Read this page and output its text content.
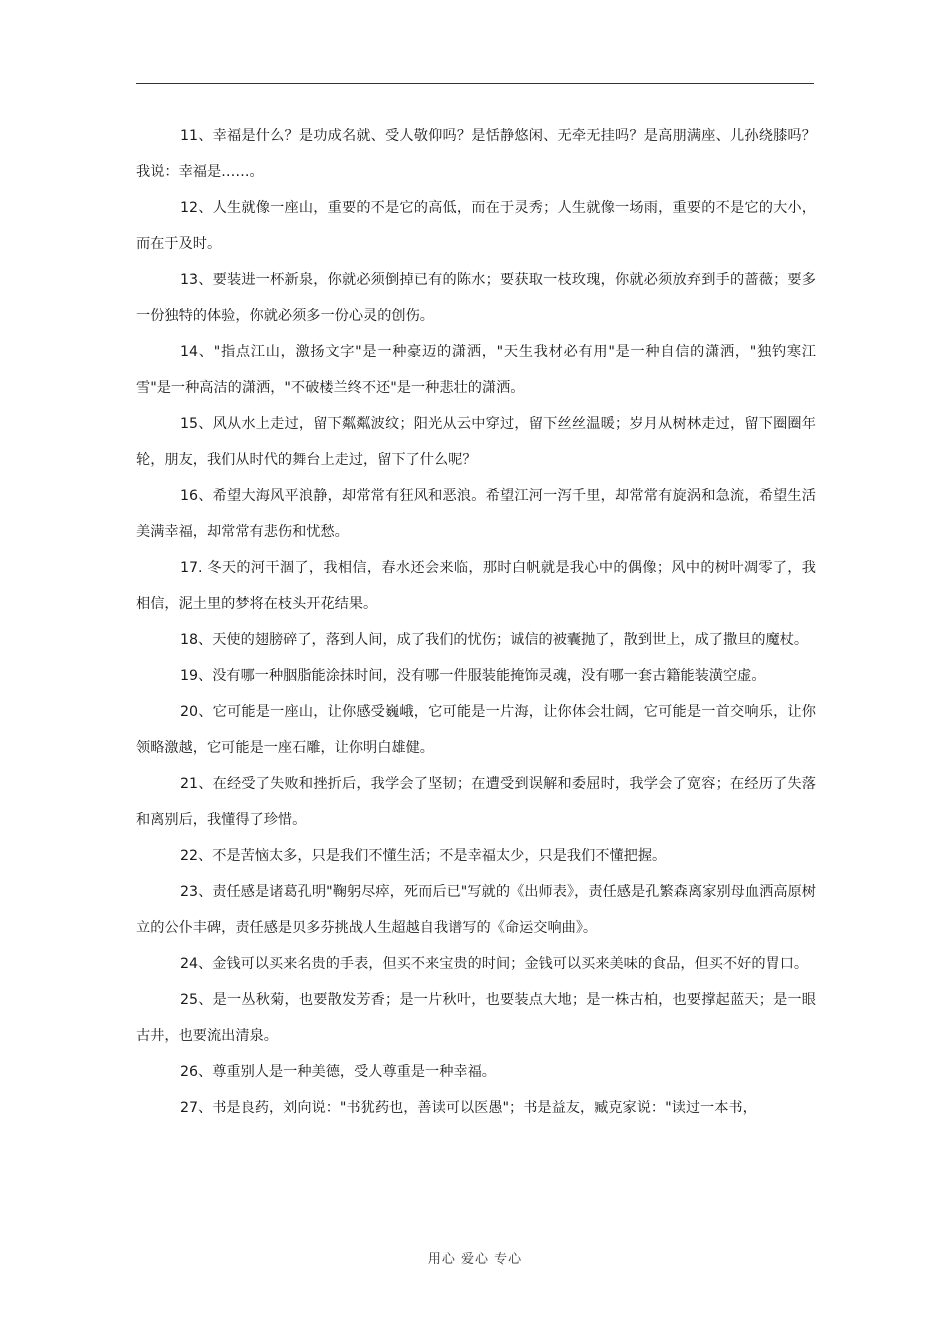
11、幸福是什么？是功成名就、受人敬仰吗？是恬静悠闲、无牵无挂吗？是高朋满座、儿孙绕膝吗？我说：幸福是……。

12、人生就像一座山，重要的不是它的高低，而在于灵秀；人生就像一场雨，重要的不是它的大小，而在于及时。

13、要装进一杯新泉，你就必须倒掉已有的陈水；要获取一枝玫瑰，你就必须放弃到手的蔷薇；要多一份独特的体验，你就必须多一份心灵的创伤。

14、"指点江山，激扬文字"是一种豪迈的潇洒，"天生我材必有用"是一种自信的潇洒，"独钓寒江雪"是一种高洁的潇洒，"不破楼兰终不还"是一种悲壮的潇洒。

15、风从水上走过，留下粼粼波纹；阳光从云中穿过，留下丝丝温暖；岁月从树林走过，留下圈圈年轮，朋友，我们从时代的舞台上走过，留下了什么呢？

16、希望大海风平浪静，却常常有狂风和恶浪。希望江河一泻千里，却常常有旋涡和急流，希望生活美满幸福，却常常有悲伤和忧愁。

17. 冬天的河干涸了，我相信，春水还会来临，那时白帆就是我心中的偶像；风中的树叶凋零了，我相信，泥土里的梦将在枝头开花结果。

18、天使的翅膀碎了，落到人间，成了我们的忧伤；诚信的被囊抛了，散到世上，成了撒旦的魔杖。

19、没有哪一种胭脂能涂抹时间，没有哪一件服装能掩饰灵魂，没有哪一套古籍能装潢空虚。

20、它可能是一座山，让你感受巍峨，它可能是一片海，让你体会壮阔，它可能是一首交响乐，让你领略激越，它可能是一座石雕，让你明白雄健。

21、在经受了失败和挫折后，我学会了坚韧；在遭受到误解和委屈时，我学会了宽容；在经历了失落和离别后，我懂得了珍惜。

22、不是苦恼太多，只是我们不懂生活；不是幸福太少，只是我们不懂把握。

23、责任感是诸葛孔明"鞠躬尽瘁，死而后已"写就的《出师表》，责任感是孔繁森离家别母血洒高原树立的公仆丰碑，责任感是贝多芬挑战人生超越自我谱写的《命运交响曲》。

24、金钱可以买来名贵的手表，但买不来宝贵的时间；金钱可以买来美味的食品，但买不好的胃口。

25、是一丛秋菊，也要散发芳香；是一片秋叶，也要装点大地；是一株古柏，也要撑起蓝天；是一眼古井，也要流出清泉。

26、尊重别人是一种美德，受人尊重是一种幸福。

27、书是良药，刘向说："书犹药也，善读可以医愚"；书是益友，臧克家说："读过一本书，

用心 爱心 专心
